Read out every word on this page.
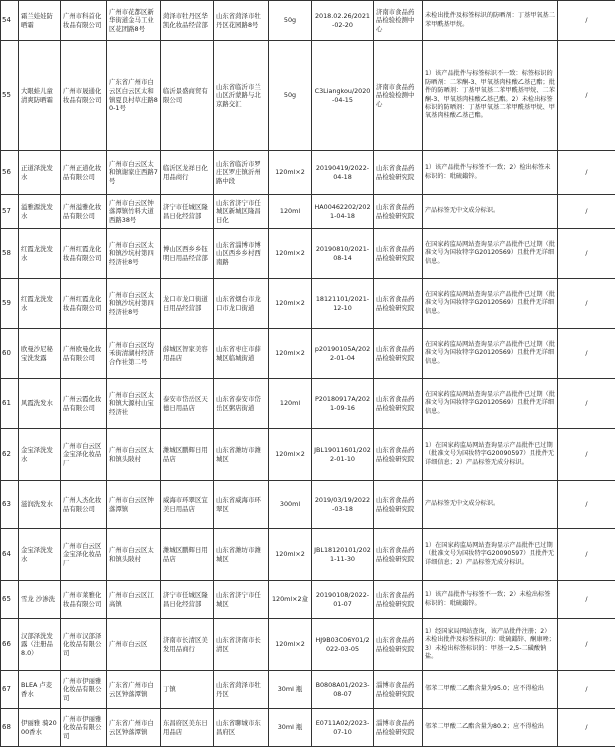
54	霜兰娃娃防晒霜	广州市科首化妆品有限公司	广州市花都区新华街道金马工业区花团路8号	菏泽市牡丹区华凯化妆品经营部	山东省菏泽市牡丹区花园路8号	50g	2018.02.26/2021-02-20	济南市食品药品检验检测中心	未检出批件及标签标识的防晒剂：丁基甲氧基二苯甲酰基甲烷。	/
55	大眼蛙儿童清爽防晒霜	广州市晟通化妆品有限公司	广东省广州市白云区白云区太和镇夏良村草庄路80-1号	临沂景盛商贸有限公司	山东省临沂市兰山区沂蒙路与北京路交汇	50g	C3Liangkou/2020-04-15	济南市食品药品检验检测中心	1）该产品批件与标签标识不一致：标签标识的防晒剂：二苯酮-3、甲氧基肉桂酸乙基己酯；批件的防晒剂：丁基甲氧基二苯甲酰基甲烷、二苯酮-3、甲氧基肉桂酸乙基己酯。2）未检出标签标识的防晒剂：丁基甲氧基二苯甲酰基甲烷、甲氧基肉桂酸乙基己酯。	/
56	正道泽洗发水	广州正道化妆品有限公司	广州市白云区太和镇谢家庄西路7号	临沂区龙祥日化用品商行	山东省临沂市罗庄区罗庄镇沂州路中段	120ml×2	20190419/2022-04-18	山东省食品药品检验研究院	1）该产品批件与标签不一致；2）检出标签未标识的：吡硫鎓锌。	/
57	溢雅源洗发水	广州溢雅化妆品有限公司	广州市白云区钟落潭镇竹料大道西路38号	济宁市任城区隆昌日化经营部	山东省济宁市任城区新城区隆昌日化	120ml	HA00462202/2021-04-18	山东省食品药品检验研究院	产品标签无中文成分标识。	/
58	红霞龙洗发水	广州红霞龙化妆品有限公司	广州市白云区太和镇沙坑村第四经济社8号	博山区西乡乡钰明日用品经营部	山东省淄博市博山区西乡乡村西南路	120ml×2	20190810/2021-08-14	山东省食品药品检验研究院	在国家药监局网站查询显示产品批件已过期（批准文号为国妆特字G20120569）且批件无详细信息。	/
59	红霞龙洗发水	广州红霞龙化妆品有限公司	广州市白云区太和镇沙坑村第四经济社8号	龙口市龙口街道日用品经营部	山东省烟台市龙口市龙口街道	120ml×2	18121101/2021-12-10	山东省食品药品检验研究院	在国家药监局网站查询显示产品批件已过期（批准文号为国妆特字G20120569）且批件无详细信息。	/
60	欧曼沙尼秘宝洗发露	广州欧曼化妆品有限公司	广州市白云区均禾街清湖村经济合作社第二号	薛城区智家美容用品店	山东省枣庄市薛城区临城街道	120ml×2	p20190105A/2022-01-04	山东省食品药品检验研究院	在国家药监局网站查询显示产品批件已过期（批准文号为国妆特字G20120569）且批件无详细信息。	/
61	风霞洗发水	广州云霞化妆品有限公司	广州市白云区太和镇大源村山宝经济社	泰安市岱岳区天德日用品店	山东省泰安市岱岳区粥店街道	120ml	P20180917A/2021-09-16	山东省食品药品检验研究院	在国家药监局网站查询显示产品批件已过期（批准文号为国妆特字G20120569）且批件无详细信息。	/
62	金宝泽洗发水	广州市白云区金宝泽化妆品厂	广州市白云区太和镇头陂村	潍城区鹏辉日用品店	山东省潍坊市潍城区	120ml×2	JBL19011601/2022-01-10	山东省食品药品检验研究院	1）在国家药监局网站查询显示产品批件已过期（批准文号为国妆特字G20090597）且批件无详细信息；2）产品标签无成分标识。	/
63	滋润洗发水	广州人杰化妆品有限公司	广州市白云区钟落潭镇	威海市环翠区宜美日用品店	山东省威海市环翠区	300ml	2019/03/19/2022-03-18	山东省食品药品检验研究院	产品标签无中文成分标识。	/
64	金宝泽洗发水	广州市白云区金宝泽化妆品厂	广州市白云区太和镇头陂村	潍城区鹏辉日用品店	山东省潍坊市潍城区	120ml×2	JBL18120101/2021-11-30	山东省食品药品检验研究院	1）在国家药监局网站查询显示产品批件已过期（批准文号为国妆特字G20090597）且批件无详细信息；2）产品标签无成分标识。	/
65	雪龙 沙渗洗	广州市莱雅化妆品有限公司	广州市白云区江高镇	济宁市任城区隆昌日化经营部	山东省济宁市任城区	120ml×2盒	20190108/2022-01-07	山东省食品药品检验研究院	1）该产品批件与标签不一致；2）未检出标签标识的：吡硫鎓锌。	/
66	汉部泽洗发露（注册品8.0）	广州市汉部泽化妆品有限公司	广州市白云区	济南市长清区美发用品商行	山东省济南市长清区	120ml×2	HJ9B03C06Y01/2022-03-05	山东省食品药品检验研究院	1）经国家局网站查询，该产品批件注册；2）未检出批件及标签标识的：吡硫鎓锌、酮康唑；3）未检出标签标识的：甲基一2,5-二磺酸钠盐。	/
67	BLEA 卢麦香水	广州市伊丽雅化妆品有限公司	广东省广州市白云区钟落潭镇	丁镇	山东省菏泽市牡丹区	30ml 瓶	B0808A01/2023-08-07	淄博市食品药品检验研究院	邻苯二甲酸二乙酯含量为95.0；应不得检出	/
68	伊丽雅 骑2000香水	广州市伊丽雅化妆品有限公司	广东省广州市白云区钟落潭镇	东昌府区美东日用品店	山东省聊城市东昌府区	30ml 瓶	E0711A02/2023-07-10	淄博市食品药品检验研究院	邻苯二甲酸二乙酯含量为80.2；应不得检出	/
